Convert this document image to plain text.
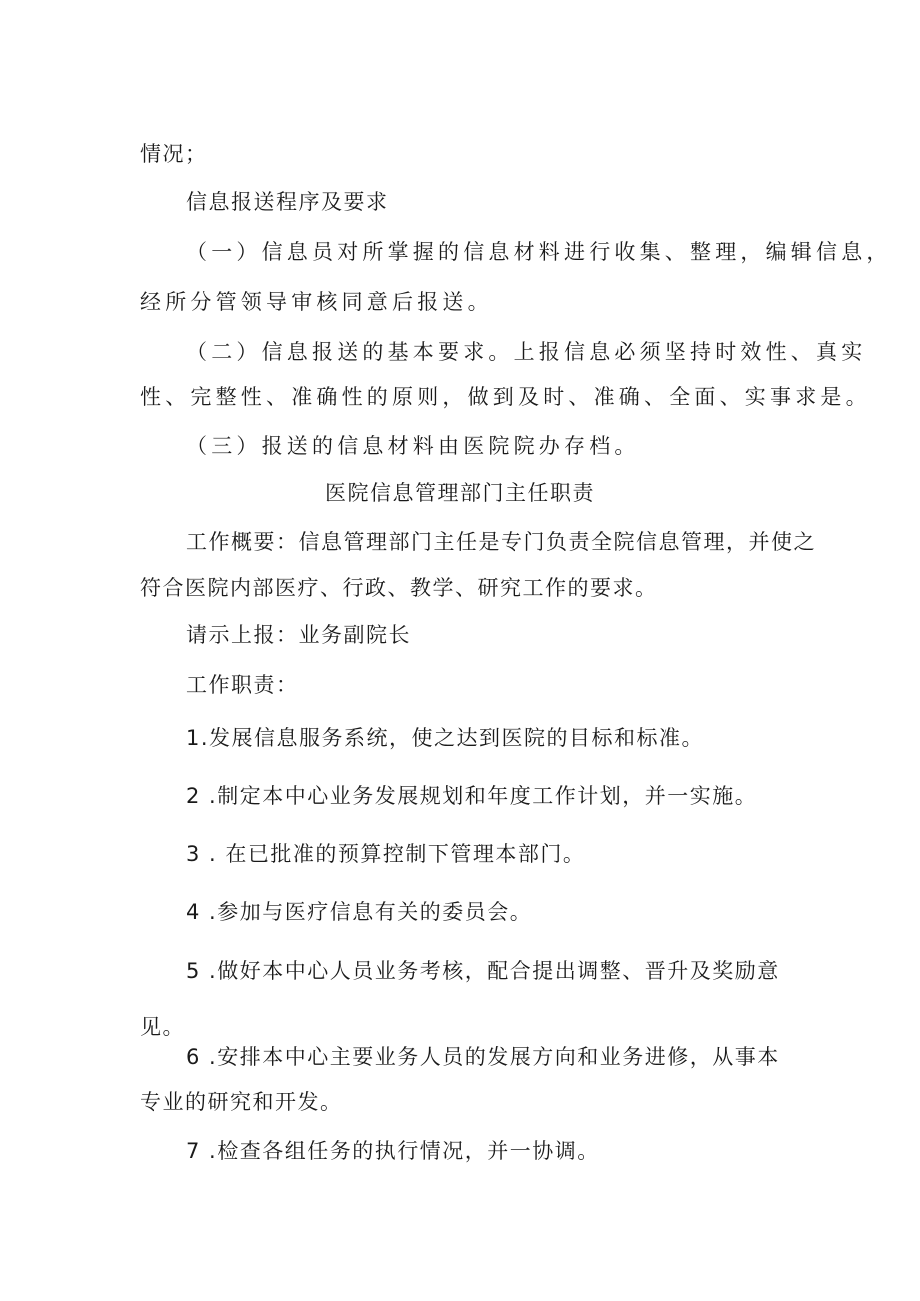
情况；
信息报送程序及要求
（一）信息员对所掌握的信息材料进行收集、整理，编辑信息，
经所分管领导审核同意后报送。
（二）信息报送的基本要求。上报信息必须坚持时效性、真实
性、完整性、准确性的原则，做到及时、准确、全面、实事求是。
（三）报送的信息材料由医院院办存档。
医院信息管理部门主任职责
工作概要：信息管理部门主任是专门负责全院信息管理，并使之
符合医院内部医疗、行政、教学、研究工作的要求。
请示上报：业务副院长
工作职责：
1.发展信息服务系统，使之达到医院的目标和标准。
2 .制定本中心业务发展规划和年度工作计划，并一实施。
3 . 在已批准的预算控制下管理本部门。
4 .参加与医疗信息有关的委员会。
5 .做好本中心人员业务考核，配合提出调整、晋升及奖励意
见。
6 .安排本中心主要业务人员的发展方向和业务进修，从事本
专业的研究和开发。
7 .检查各组任务的执行情况，并一协调。
